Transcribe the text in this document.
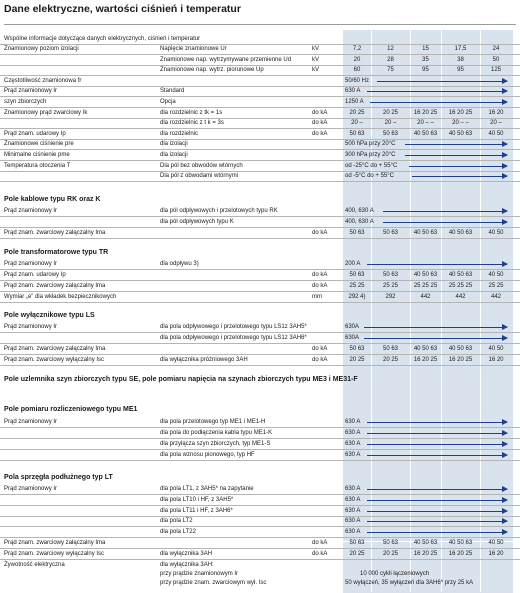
Dane elektryczne, wartości ciśnień i temperatur
Wspólne informacje dotyczące danych elektrycznych, ciśnień i temperatur
Znamionowy poziom izolacji	Napięcie znamionowe Ur	kV	7,2	12	15	17,5	24
Znamionowe nap. wytrzymywane przemienne Ud	kV	20	28	35	38	50
Znamionowe nap. wytrz. piorunowe Up	kV	60	75	95	95	125
Częstotliwość znamionowa fr	50/60 Hz
Prąd znamionowy Ir	Standard	630 A
szyn zbiorczych	Opcja	1250 A
Znamionowy prąd zwarciowy Ik	dla rozdzielnic z tk = 1s	do kA	20 25	20 25	16 20 25	16 20 25	16 20
dla rozdzielnic z t k = 3s	do kA	20 –	20 –	20 – –	20 – –	20 –
Prąd znam. udarowy Ip	dla rozdzielnic	do kA	50 63	50 63	40 50 63	40 50 63	40 50
Znamionowe ciśnienie pre	dla izolacji	500 hPa przy 20°C
Minimalne ciśnienie pme	dla izolacji	300 hPa przy 20°C
Temperatura otoczenia T	Dla pól bez obwodów wtórnych	od -25°C do + 55°C
Dla pól z obwodami wtórnymi	od -5°C do + 55°C
Pole kablowe typu RK oraz K
Prąd znamionowy Ir	dla pól odpływowych i przelotowych typu RK	400, 630 A
dla pól odpływowych typu K	400, 630 A
Prąd znam. zwarciowy załączalny Ima	do kA	50 63	50 63	40 50 63	40 50 63	40 50
Pole transformatorowe typu TR
Prąd znamionowy Ir	dla odpływu 3)	200 A
Prąd znam. udarowy Ip	do kA	50 63	50 63	40 50 63	40 50 63	40 50
Prąd znam. zwarciowy załączalny Ima	do kA	25 25	25 25	25 25 25	25 25 25	25 25
Wymiar „e” dla wkładek bezpiecznikowych	mm	292 4)	292	442	442	442
Pole wyłącznikowe typu LS
Prąd znamionowy Ir	dla pola odpływowego i przelotowego typu LS1z 3AH5*	630A
dla pola odpływowego i przelotowego typu LS1z 3AH6*	630A
Prąd znam. zwarciowy załączalny Ima	do kA	50 63	50 63	40 50 63	40 50 63	40 50
Prąd znam. zwarciowy wyłączalny Isc	dla wyłącznika próżniowego 3AH	do kA	20 25	20 25	16 20 25	16 20 25	16 20
Pole uzlemnika szyn zbiorczych typu SE, pole pomiaru napięcia na szynach zbiorczych typu ME3 i ME31-F
Pole pomiaru rozliczeniowego typu ME1
Prąd znamionowy Ir	dla pola przelotowego typ ME1 i ME1-H	630 A
dla pola do podłączenia kabla typu ME1-K	630 A
dla przyłącza szyn zbiorczych, typ ME1-S	630 A
dla pola wznosu pionowego, typ HF	630 A
Pola sprzęgła podłużnego typ LT
Prąd znamionowy Ir	dla pola LT1, z 3AH5* na zapytanie	630 A
dla pola LT10 i HF, z 3AH5*	630 A
dla pola LT11 i HF, z 3AH6*	630 A
dla pola LT2	630 A
dla pola LT22	630 A
Prąd znam. zwarciowy załączalny Ima	do kA	50 63	50 63	40 50 63	40 50 63	40 50
Prąd znam. zwarciowy wyłączalny Isc	dla wyłącznika 3AH	do kA	20 25	20 25	16 20 25	16 20 25	16 20
Żywotność elektryczna	dla wyłącznika 3AH:
przy prądzie znamionowym Ir	10 000 cykli łączeniowych
przy prądzie znam. zwarciowym wył. Isc	50 wyłączeń, 35 wyłączeń dla 3AH6* przy 25 kA
